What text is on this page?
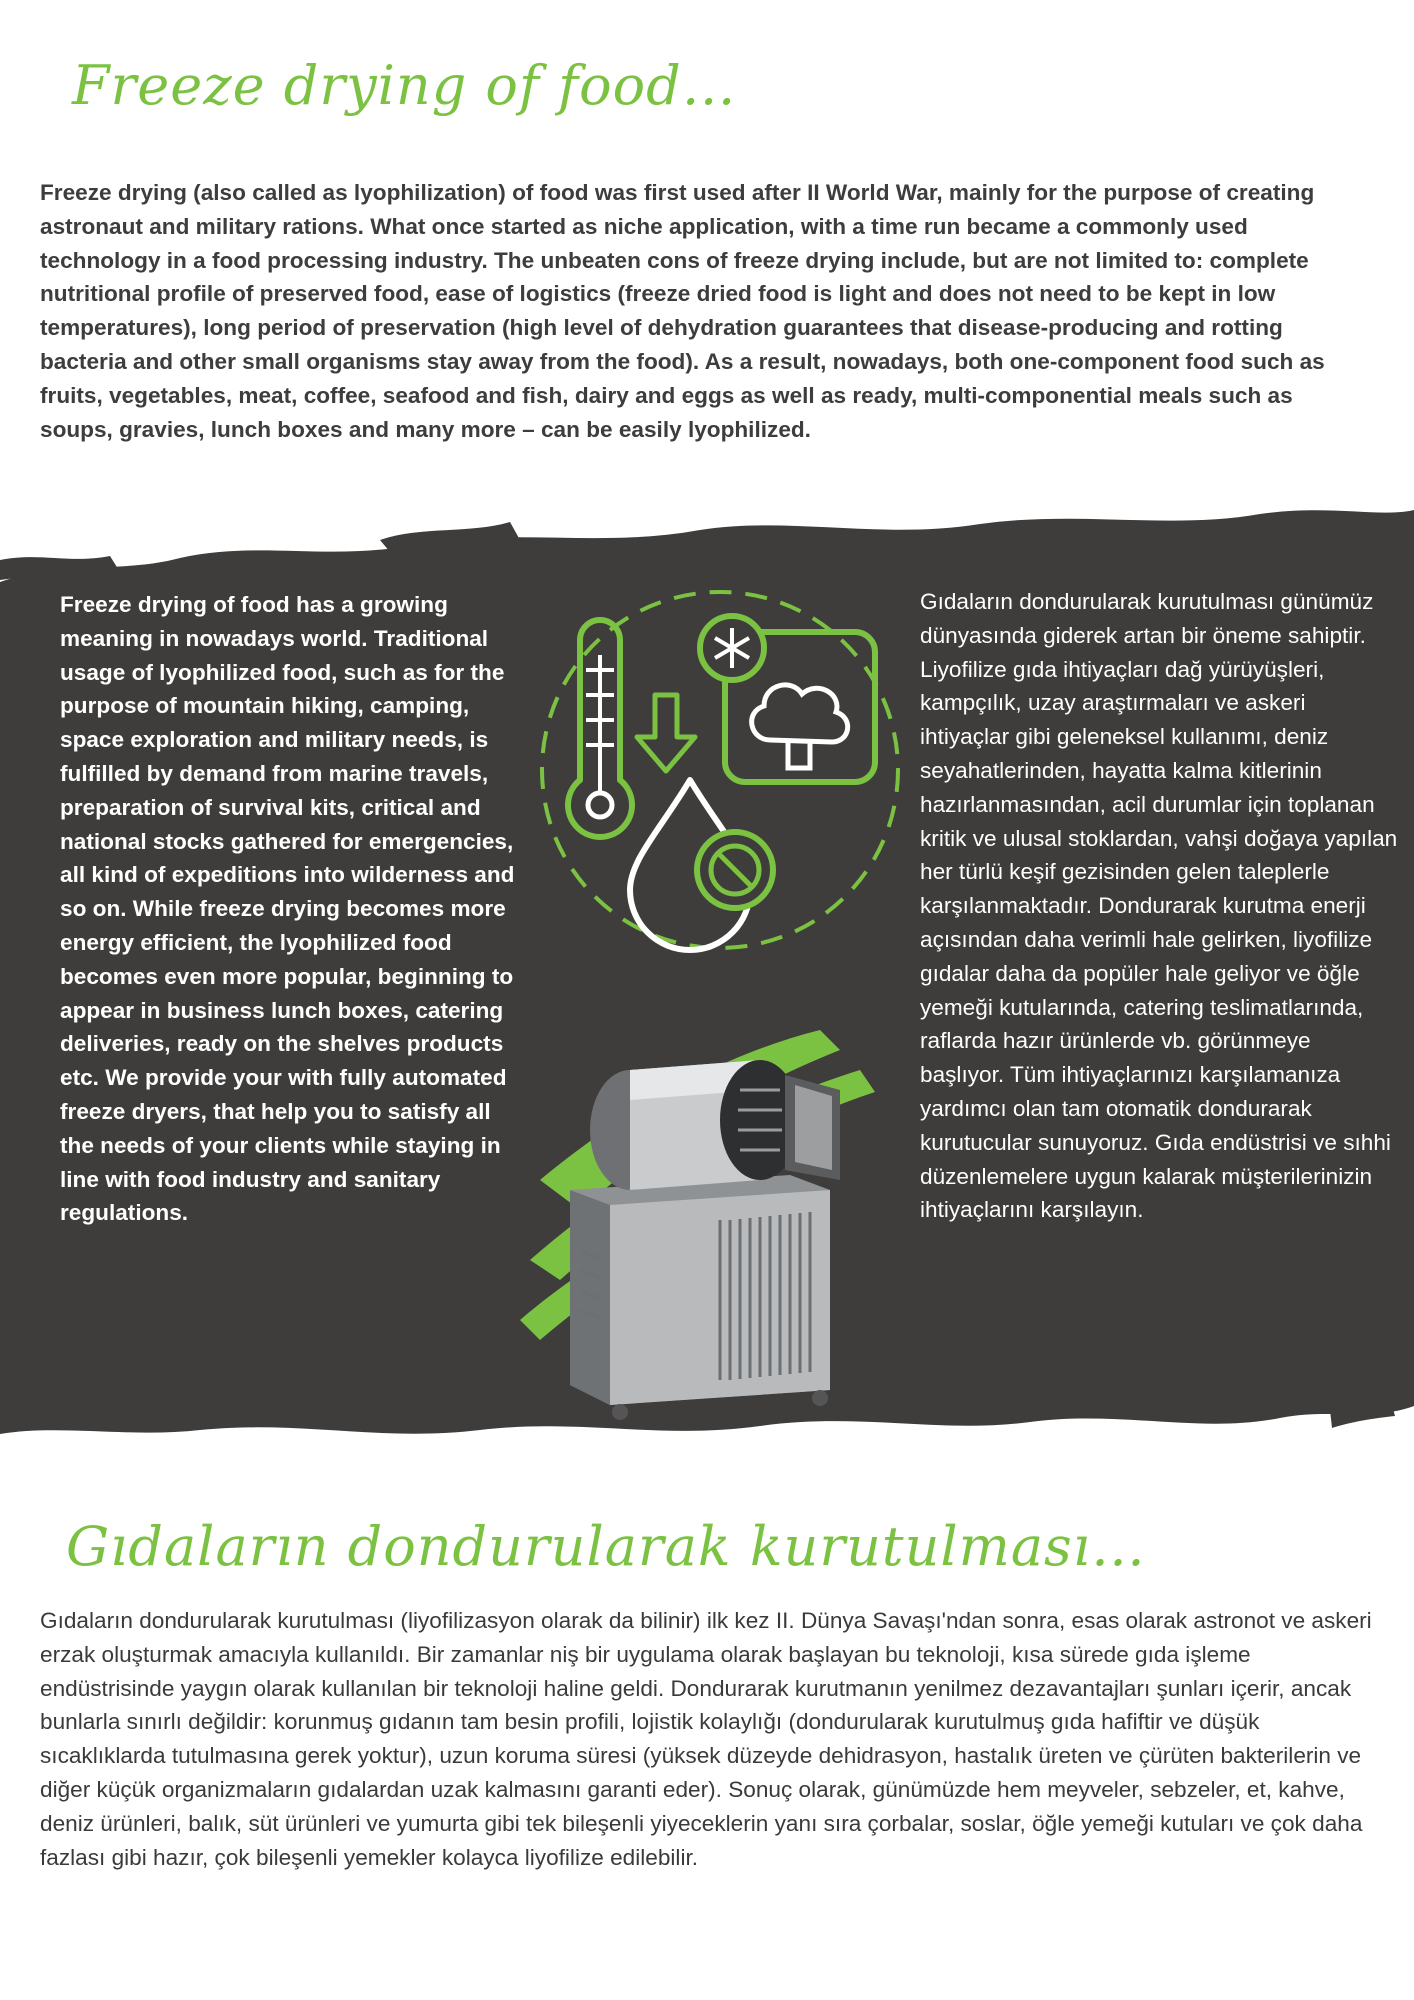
Freeze drying of food…

Freeze drying (also called as lyophilization) of food was first used after II World War, mainly for the purpose of creating astronaut and military rations. What once started as niche application, with a time run became a commonly used technology in a food processing industry. The unbeaten cons of freeze drying include, but are not limited to: complete nutritional profile of preserved food, ease of logistics (freeze dried food is light and does not need to be kept in low temperatures), long period of preservation (high level of dehydration guarantees that disease-producing and rotting bacteria and other small organisms stay away from the food). As a result, nowadays, both one-component food such as fruits, vegetables, meat, coffee, seafood and fish, dairy and eggs as well as ready, multi-componential meals such as soups, gravies, lunch boxes and many more – can be easily lyophilized.

Freeze drying of food has a growing meaning in nowadays world. Traditional usage of lyophilized food, such as for the purpose of mountain hiking, camping, space exploration and military needs, is fulfilled by demand from marine travels, preparation of survival kits, critical and national stocks gathered for emergencies, all kind of expeditions into wilderness and so on. While freeze drying becomes more energy efficient, the lyophilized food becomes even more popular, beginning to appear in business lunch boxes, catering deliveries, ready on the shelves products etc. We provide your with fully automated freeze dryers, that help you to satisfy all the needs of your clients while staying in line with food industry and sanitary regulations.

Gıdaların dondurularak kurutulması günümüz dünyasında giderek artan bir öneme sahiptir. Liyofilize gıda ihtiyaçları dağ yürüyüşleri, kampçılık, uzay araştırmaları ve askeri ihtiyaçlar gibi geleneksel kullanımı, deniz seyahatlerinden, hayatta kalma kitlerinin hazırlanmasından, acil durumlar için toplanan kritik ve ulusal stoklardan, vahşi doğaya yapılan her türlü keşif gezisinden gelen taleplerle karşılanmaktadır. Dondurarak kurutma enerji açısından daha verimli hale gelirken, liyofilize gıdalar daha da popüler hale geliyor ve öğle yemeği kutularında, catering teslimatlarında, raflarda hazır ürünlerde vb. görünmeye başlıyor. Tüm ihtiyaçlarınızı karşılamanıza yardımcı olan tam otomatik dondurarak kurutucular sunuyoruz. Gıda endüstrisi ve sıhhi düzenlemelere uygun kalarak müşterilerinizin ihtiyaçlarını karşılayın.

Gıdaların dondurularak kurutulması…

Gıdaların dondurularak kurutulması (liyofilizasyon olarak da bilinir) ilk kez II. Dünya Savaşı'ndan sonra, esas olarak astronot ve askeri erzak oluşturmak amacıyla kullanıldı. Bir zamanlar niş bir uygulama olarak başlayan bu teknoloji, kısa sürede gıda işleme endüstrisinde yaygın olarak kullanılan bir teknoloji haline geldi. Dondurarak kurutmanın yenilmez dezavantajları şunları içerir, ancak bunlarla sınırlı değildir: korunmuş gıdanın tam besin profili, lojistik kolaylığı (dondurularak kurutulmuş gıda hafiftir ve düşük sıcaklıklarda tutulmasına gerek yoktur), uzun koruma süresi (yüksek düzeyde dehidrasyon, hastalık üreten ve çürüten bakterilerin ve diğer küçük organizmaların gıdalardan uzak kalmasını garanti eder). Sonuç olarak, günümüzde hem meyveler, sebzeler, et, kahve, deniz ürünleri, balık, süt ürünleri ve yumurta gibi tek bileşenli yiyeceklerin yanı sıra çorbalar, soslar, öğle yemeği kutuları ve çok daha fazlası gibi hazır, çok bileşenli yemekler kolayca liyofilize edilebilir.
